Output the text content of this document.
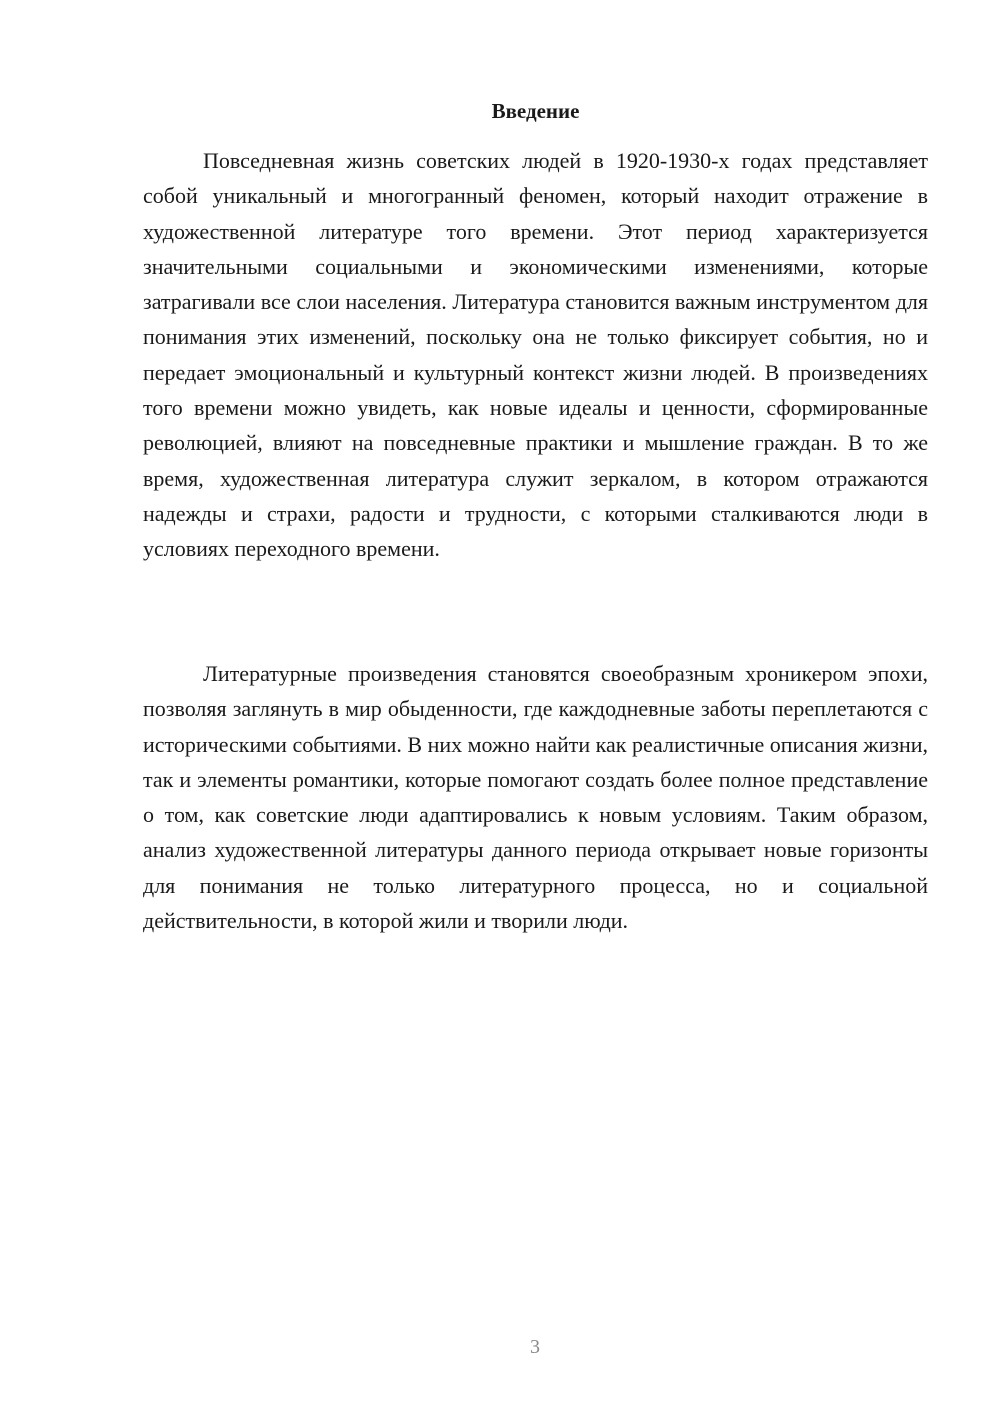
Введение

Повседневная жизнь советских людей в 1920-1930-х годах представляет собой уникальный и многогранный феномен, который находит отражение в художественной литературе того времени. Этот период характеризуется значительными социальными и экономическими изменениями, которые затрагивали все слои населения. Литература становится важным инструментом для понимания этих изменений, поскольку она не только фиксирует события, но и передает эмоциональный и культурный контекст жизни людей. В произведениях того времени можно увидеть, как новые идеалы и ценности, сформированные революцией, влияют на повседневные практики и мышление граждан. В то же время, художественная литература служит зеркалом, в котором отражаются надежды и страхи, радости и трудности, с которыми сталкиваются люди в условиях переходного времени.

Литературные произведения становятся своеобразным хроникером эпохи, позволяя заглянуть в мир обыденности, где каждодневные заботы переплетаются с историческими событиями. В них можно найти как реалистичные описания жизни, так и элементы романтики, которые помогают создать более полное представление о том, как советские люди адаптировались к новым условиям. Таким образом, анализ художественной литературы данного периода открывает новые горизонты для понимания не только литературного процесса, но и социальной действительности, в которой жили и творили люди.

3
